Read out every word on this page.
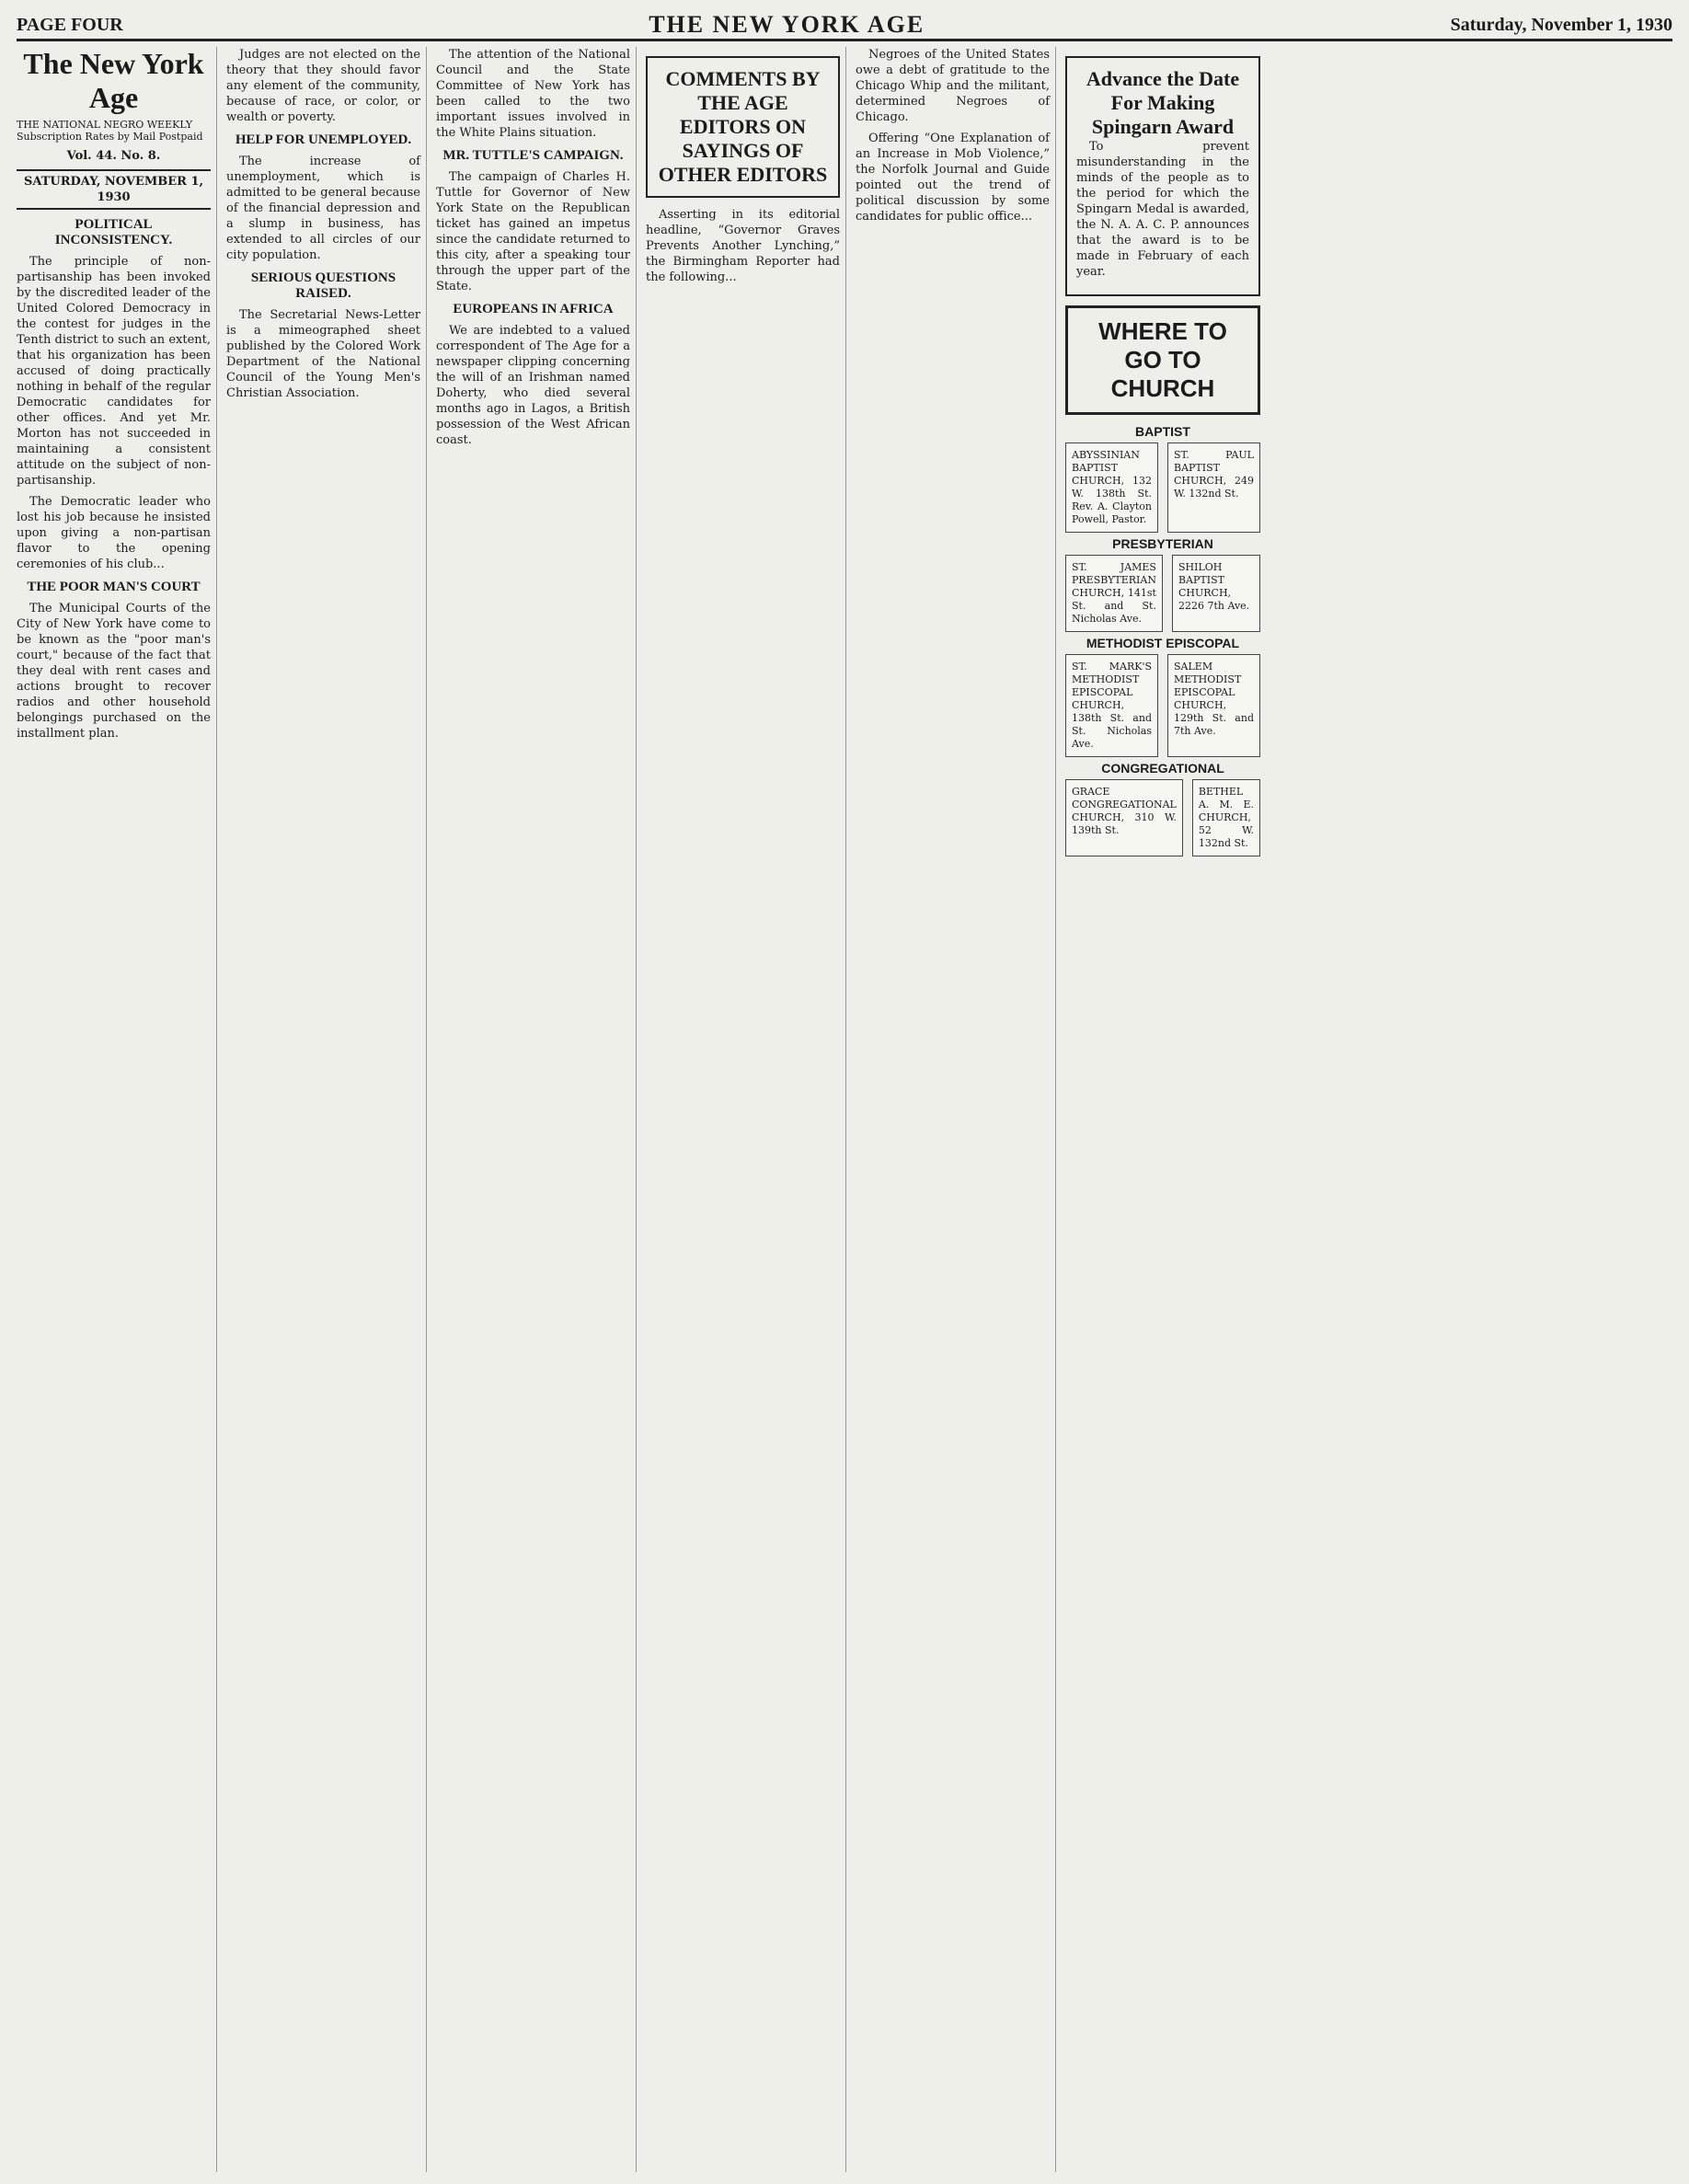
PAGE FOUR	THE NEW YORK AGE	Saturday, November 1, 1930
The New York Age
THE NATIONAL NEGRO WEEKLY
Subscription Rates by Mail Postpaid
Vol. 44. No. 8.
SATURDAY, NOVEMBER 1, 1930
POLITICAL INCONSISTENCY.

The principle of non-partisanship has been invoked by the discredited leader of the United Colored Democracy in the contest for judges in the Tenth district to such an extent, that his organization has been accused of doing practically nothing in behalf of the regular Democratic candidates for other offices. And yet Mr. Morton has not succeeded in maintaining a consistent attitude on the subject of non-partisanship.

The Democratic leader who lost his job because he insisted upon giving a non-partisan flavor to the opening ceremonies of his club...

THE POOR MAN'S COURT

The Municipal Courts of the City of New York have come to be known as the "poor man's court," because of the fact that they deal with rent cases and actions brought to recover radios and other household belongings purchased on the installment plan.

Judges are not elected on the theory that they should favor any element of the community, because of race, or color, or wealth or poverty.

HELP FOR UNEMPLOYED.

The increase of unemployment, which is admitted to be general because of the financial depression and a slump in business, has extended to all circles of our city population.

SERIOUS QUESTIONS RAISED.

The Secretarial News-Letter is a mimeographed sheet published by the Colored Work Department of the National Council of the Young Men's Christian Association.

The attention of the National Council and the State Committee of New York has been called to the two important issues involved in the White Plains situation.

MR. TUTTLE'S CAMPAIGN.

The campaign of Charles H. Tuttle for Governor of New York State on the Republican ticket has gained an impetus since the candidate returned to this city, after a speaking tour through the upper part of the State.

EUROPEANS IN AFRICA

We are indebted to a valued correspondent of The Age for a newspaper clipping concerning the will of an Irishman named Doherty, who died several months ago in Lagos, a British possession of the West African coast.

COMMENTS BY THE AGE EDITORS ON SAYINGS OF OTHER EDITORS

Asserting in its editorial headline, “Governor Graves Prevents Another Lynching,” the Birmingham Reporter had the following...

Negroes of the United States owe a debt of gratitude to the Chicago Whip and the militant, determined Negroes of Chicago.

Offering “One Explanation of an Increase in Mob Violence,” the Norfolk Journal and Guide pointed out the trend of political discussion by some candidates for public office...

Advance the Date For Making Spingarn Award

To prevent misunderstanding in the minds of the people as to the period for which the Spingarn Medal is awarded, the N. A. A. C. P. announces that the award is to be made in February of each year.

WHERE TO GO TO CHURCH
BAPTIST
ABYSSINIAN BAPTIST CHURCH, 132 W. 138th St. Rev. A. Clayton Powell, Pastor.
ST. PAUL BAPTIST CHURCH, 249 W. 132nd St.
PRESBYTERIAN
ST. JAMES PRESBYTERIAN CHURCH, 141st St. and St. Nicholas Ave.
SHILOH BAPTIST CHURCH, 2226 7th Ave.
METHODIST EPISCOPAL
ST. MARK'S METHODIST EPISCOPAL CHURCH, 138th St. and St. Nicholas Ave.
SALEM METHODIST EPISCOPAL CHURCH, 129th St. and 7th Ave.
CONGREGATIONAL
GRACE CONGREGATIONAL CHURCH, 310 W. 139th St.
BETHEL A. M. E. CHURCH, 52 W. 132nd St.
